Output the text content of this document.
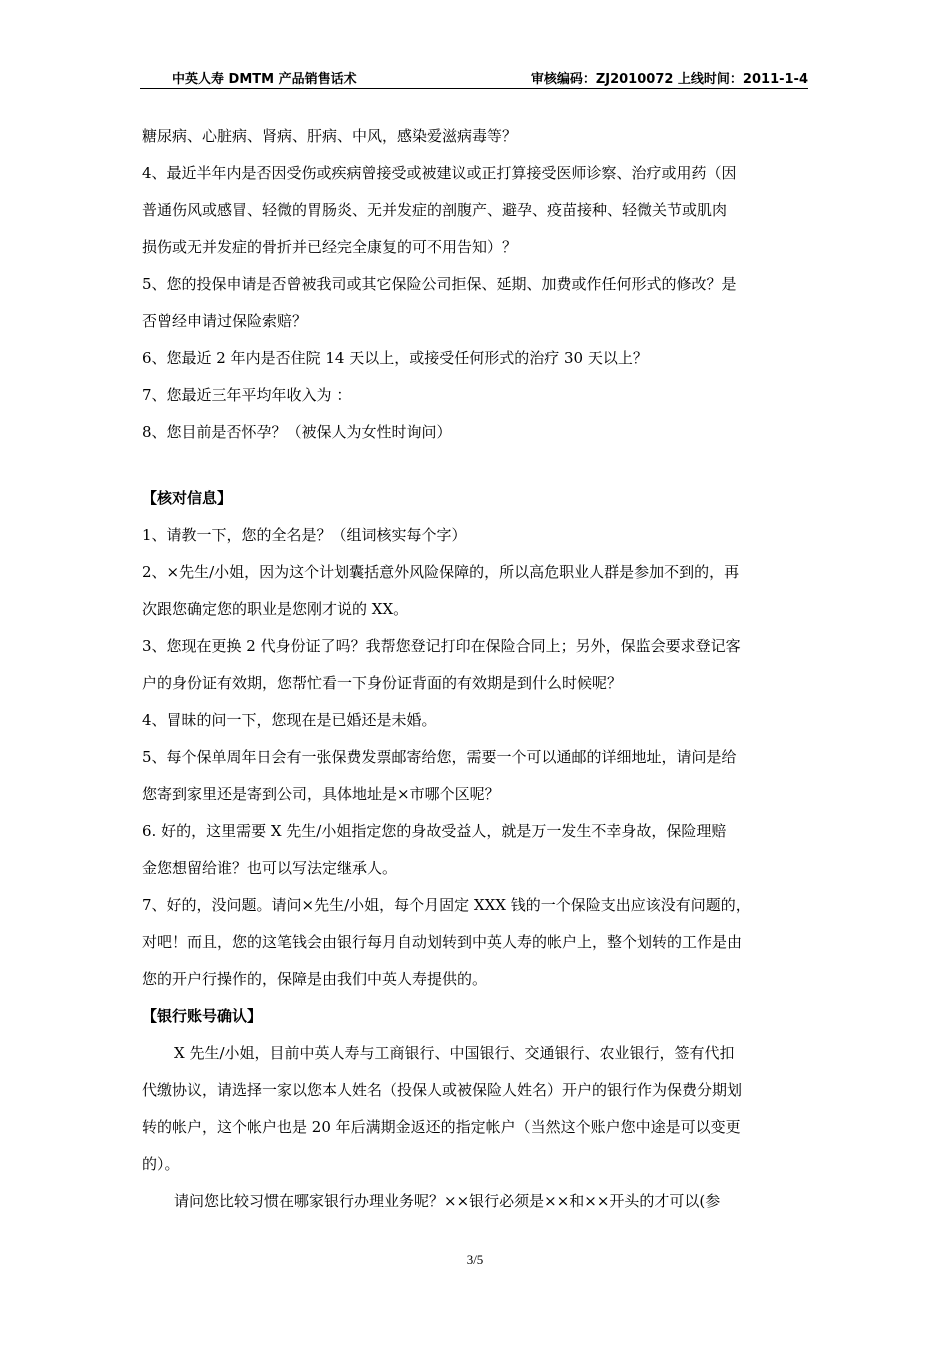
中英人寿 DMTM 产品销售话术	审核编码：ZJ2010072 上线时间：2011-1-4

糖尿病、心脏病、肾病、肝病、中风，感染爱滋病毒等？

4、最近半年内是否因受伤或疾病曾接受或被建议或正打算接受医师诊察、治疗或用药（因

普通伤风或感冒、轻微的胃肠炎、无并发症的剖腹产、避孕、疫苗接种、轻微关节或肌肉

损伤或无并发症的骨折并已经完全康复的可不用告知）？

5、您的投保申请是否曾被我司或其它保险公司拒保、延期、加费或作任何形式的修改？是

否曾经申请过保险索赔？

6、您最近 2 年内是否住院 14 天以上，或接受任何形式的治疗 30 天以上？

7、您最近三年平均年收入为 ：

8、您目前是否怀孕？（被保人为女性时询问）

【核对信息】

1、请教一下，您的全名是？（组词核实每个字）

2、×先生/小姐，因为这个计划囊括意外风险保障的，所以高危职业人群是参加不到的，再

次跟您确定您的职业是您刚才说的 XX。

3、您现在更换 2 代身份证了吗？我帮您登记打印在保险合同上；另外，保监会要求登记客

户的身份证有效期，您帮忙看一下身份证背面的有效期是到什么时候呢？

4、冒昧的问一下，您现在是已婚还是未婚。

5、每个保单周年日会有一张保费发票邮寄给您，需要一个可以通邮的详细地址，请问是给

您寄到家里还是寄到公司，具体地址是×市哪个区呢？

6. 好的，这里需要 X 先生/小姐指定您的身故受益人，就是万一发生不幸身故，保险理赔

金您想留给谁？也可以写法定继承人。

7、好的，没问题。请问×先生/小姐，每个月固定 XXX 钱的一个保险支出应该没有问题的，

对吧！而且，您的这笔钱会由银行每月自动划转到中英人寿的帐户上，整个划转的工作是由

您的开户行操作的，保障是由我们中英人寿提供的。

【银行账号确认】

X 先生/小姐，目前中英人寿与工商银行、中国银行、交通银行、农业银行，签有代扣

代缴协议，请选择一家以您本人姓名（投保人或被保险人姓名）开户的银行作为保费分期划

转的帐户，这个帐户也是 20 年后满期金返还的指定帐户（当然这个账户您中途是可以变更

的）。

请问您比较习惯在哪家银行办理业务呢？××银行必须是××和××开头的才可以(参

3/5
